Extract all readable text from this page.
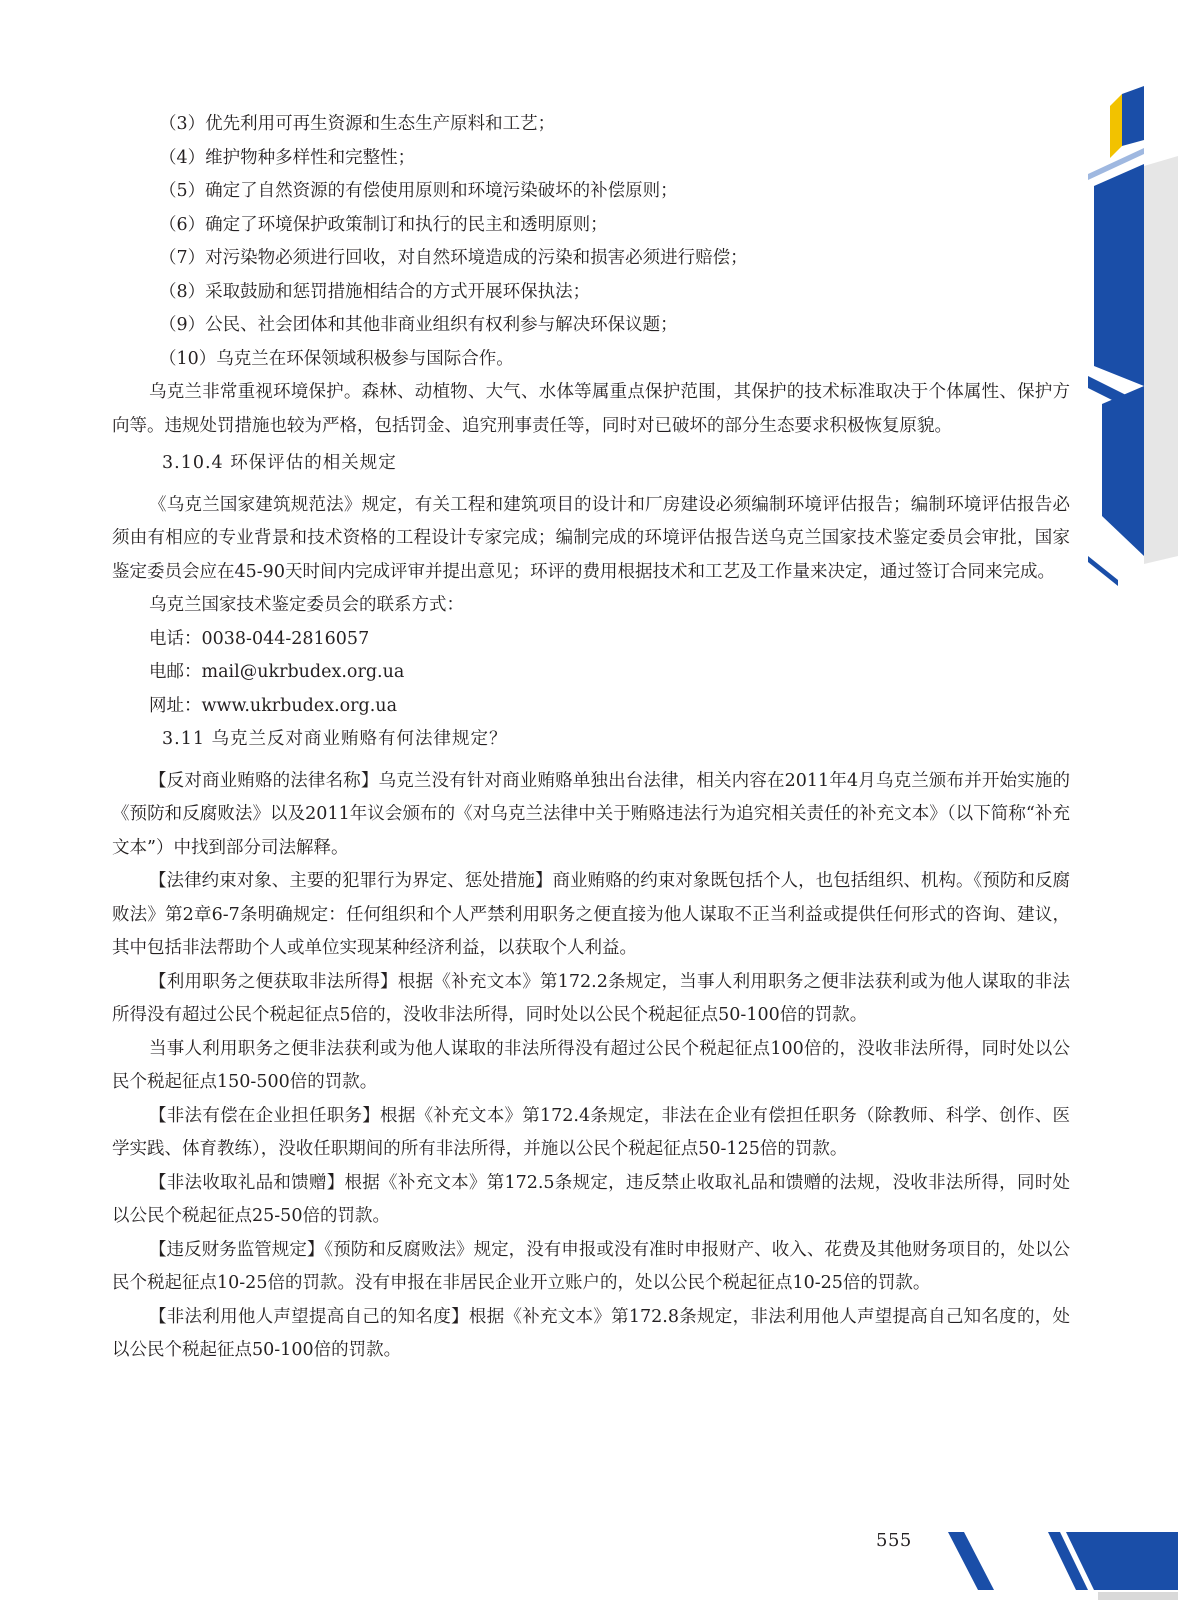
（3）优先利用可再生资源和生态生产原料和工艺；

（4）维护物种多样性和完整性；

（5）确定了自然资源的有偿使用原则和环境污染破坏的补偿原则；

（6）确定了环境保护政策制订和执行的民主和透明原则；

（7）对污染物必须进行回收，对自然环境造成的污染和损害必须进行赔偿；

（8）采取鼓励和惩罚措施相结合的方式开展环保执法；

（9）公民、社会团体和其他非商业组织有权利参与解决环保议题；

（10）乌克兰在环保领域积极参与国际合作。

乌克兰非常重视环境保护。森林、动植物、大气、水体等属重点保护范围，其保护的技术标准取决于个体属性、保护方向等。违规处罚措施也较为严格，包括罚金、追究刑事责任等，同时对已破坏的部分生态要求积极恢复原貌。

3.10.4 环保评估的相关规定

《乌克兰国家建筑规范法》规定，有关工程和建筑项目的设计和厂房建设必须编制环境评估报告；编制环境评估报告必须由有相应的专业背景和技术资格的工程设计专家完成；编制完成的环境评估报告送乌克兰国家技术鉴定委员会审批，国家鉴定委员会应在45-90天时间内完成评审并提出意见；环评的费用根据技术和工艺及工作量来决定，通过签订合同来完成。

乌克兰国家技术鉴定委员会的联系方式：

电话：0038-044-2816057

电邮：mail@ukrbudex.org.ua

网址：www.ukrbudex.org.ua

3.11 乌克兰反对商业贿赂有何法律规定？

【反对商业贿赂的法律名称】乌克兰没有针对商业贿赂单独出台法律，相关内容在2011年4月乌克兰颁布并开始实施的《预防和反腐败法》以及2011年议会颁布的《对乌克兰法律中关于贿赂违法行为追究相关责任的补充文本》（以下简称“补充文本”）中找到部分司法解释。

【法律约束对象、主要的犯罪行为界定、惩处措施】商业贿赂的约束对象既包括个人，也包括组织、机构。《预防和反腐败法》第2章6-7条明确规定：任何组织和个人严禁利用职务之便直接为他人谋取不正当利益或提供任何形式的咨询、建议，其中包括非法帮助个人或单位实现某种经济利益，以获取个人利益。

【利用职务之便获取非法所得】根据《补充文本》第172.2条规定，当事人利用职务之便非法获利或为他人谋取的非法所得没有超过公民个税起征点5倍的，没收非法所得，同时处以公民个税起征点50-100倍的罚款。

当事人利用职务之便非法获利或为他人谋取的非法所得没有超过公民个税起征点100倍的，没收非法所得，同时处以公民个税起征点150-500倍的罚款。

【非法有偿在企业担任职务】根据《补充文本》第172.4条规定，非法在企业有偿担任职务（除教师、科学、创作、医学实践、体育教练），没收任职期间的所有非法所得，并施以公民个税起征点50-125倍的罚款。

【非法收取礼品和馈赠】根据《补充文本》第172.5条规定，违反禁止收取礼品和馈赠的法规，没收非法所得，同时处以公民个税起征点25-50倍的罚款。

【违反财务监管规定】《预防和反腐败法》规定，没有申报或没有准时申报财产、收入、花费及其他财务项目的，处以公民个税起征点10-25倍的罚款。没有申报在非居民企业开立账户的，处以公民个税起征点10-25倍的罚款。

【非法利用他人声望提高自己的知名度】根据《补充文本》第172.8条规定，非法利用他人声望提高自己知名度的，处以公民个税起征点50-100倍的罚款。

555
